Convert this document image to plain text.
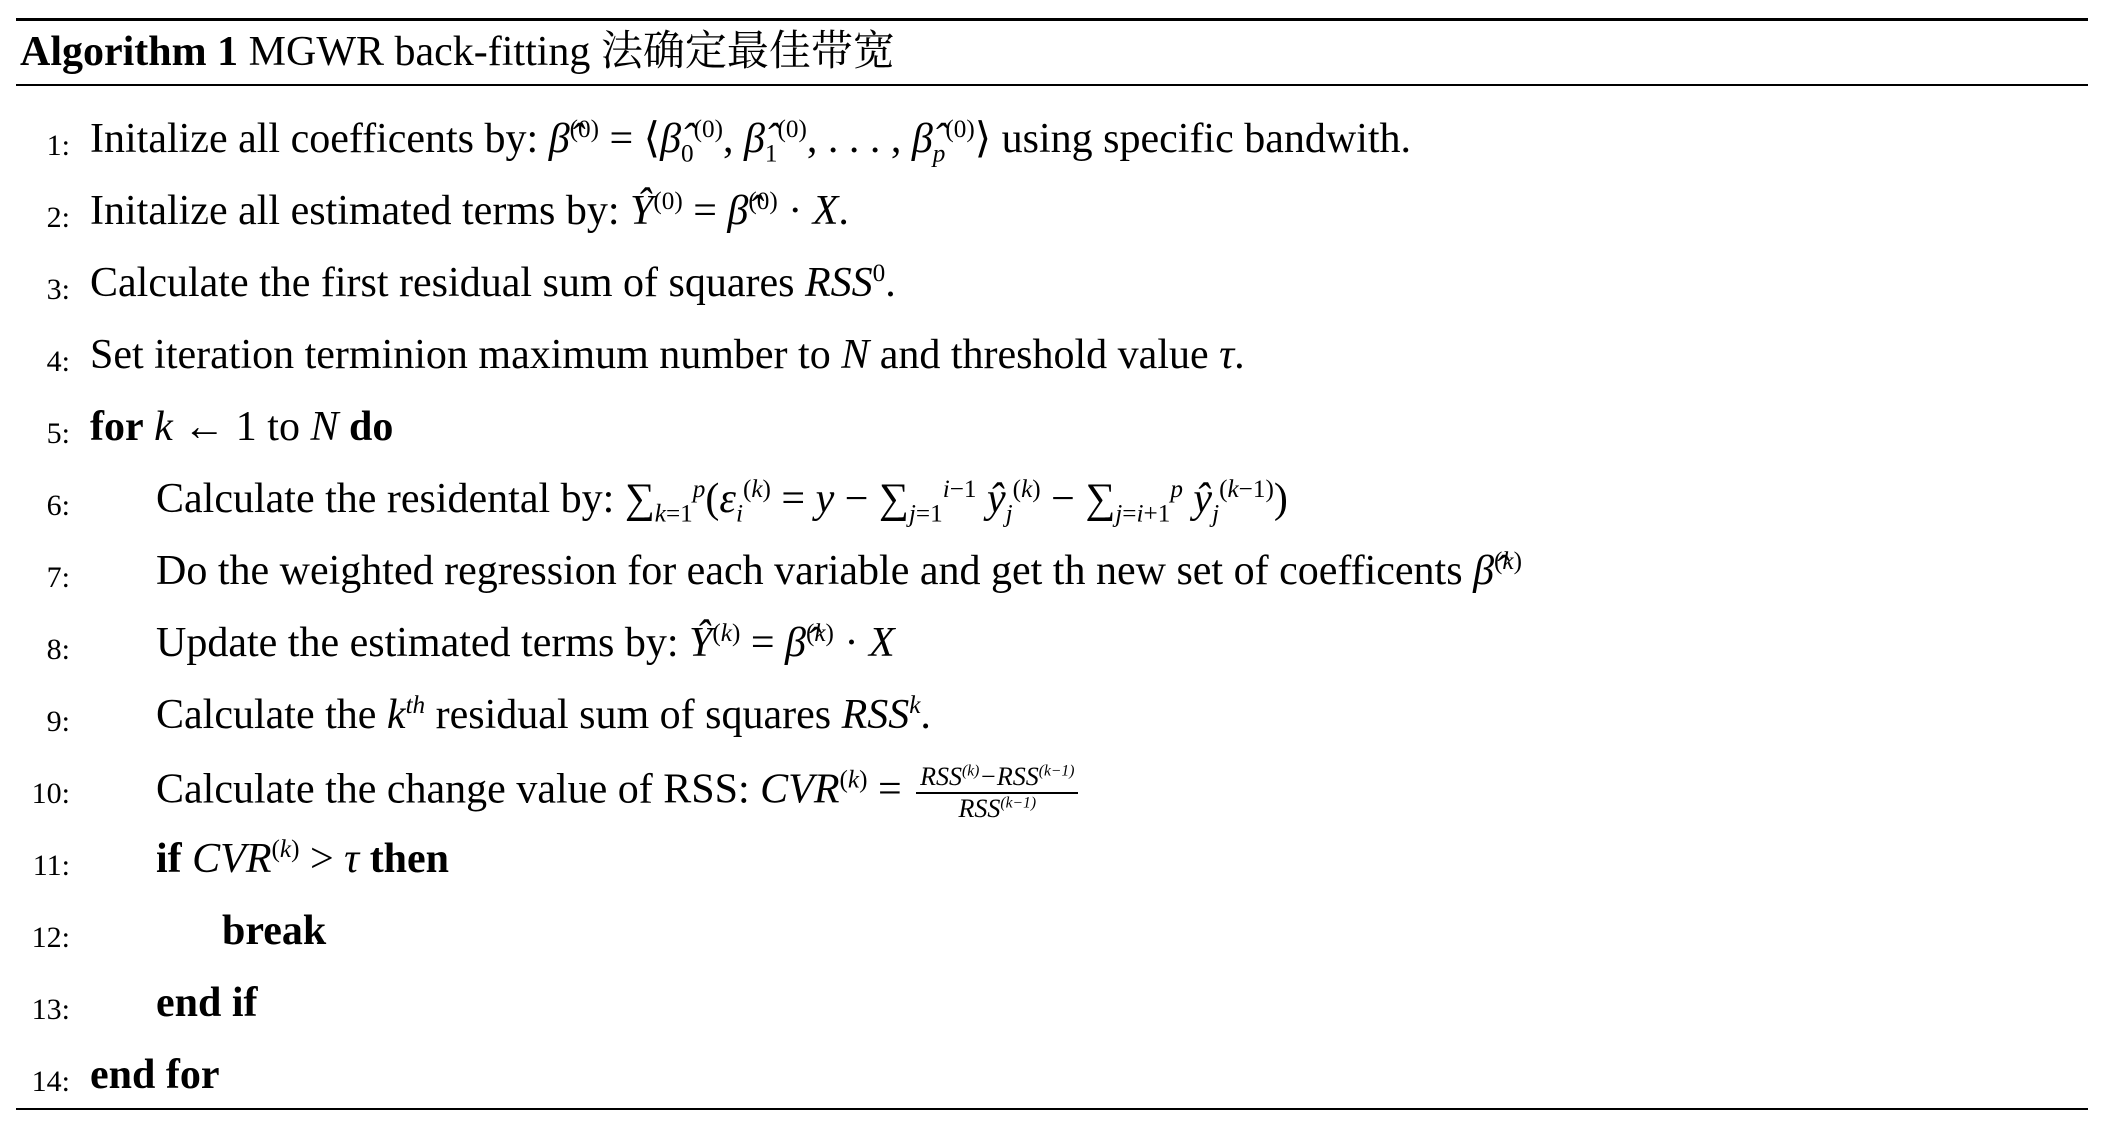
Algorithm 1 MGWR back-fitting 法确定最佳带宽
1: Initalize all coefficents by: β̂$^{(0)}$ = $⟨\betâ_0^{(0)}$, $\betâ_1^{(0)}$, . . . , $\betâ_p^{(0)}⟩$ using specific bandwith.
2: Initalize all estimated terms by: $Ŷ^{(0)}$ = β̂$^{(0)}$ · X.
3: Calculate the first residual sum of squares RSS$^0$.
4: Set iteration terminion maximum number to N and threshold value τ.
5: for k ← 1 to N do
6: Calculate the residental by: $\sum_{k=1}^p(\varepsilon_i^{(k)} = y - \sum_{j=1}^{i-1}$ $ŷ_j^{(k)} - \sum_{j=i+1}^p$ $ŷ_j^{(k-1)}$)
7: Do the weighted regression for each variable and get th new set of coefficents β̂$^{(k)}$
8: Update the estimated terms by: $Ŷ^{(k)}$ = β̂$^{(k)}$ · X
9: Calculate the $k^{th}$ residual sum of squares RSS$^k$.
10: Calculate the change value of RSS: $CVR^{(k)} = \frac{RSS^{(k)}-RSS^{(k-1)}}{RSS^{(k-1)}}$
11: if $CVR^{(k)} > \tau$ then
12:	break
13: end if
14: end for
